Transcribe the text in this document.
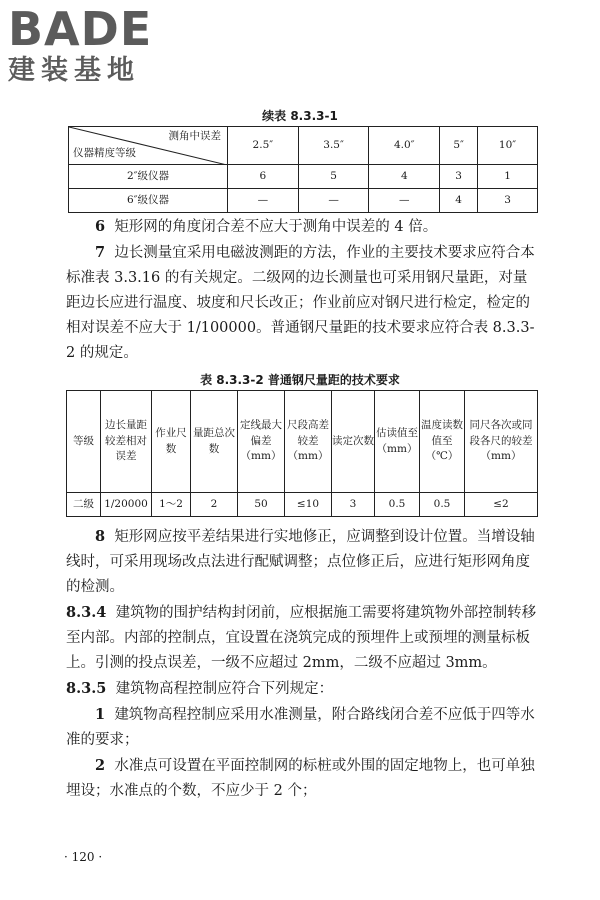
BADE
建装基地
续表 8.3.3-1
测角中误差
仪器精度等级	2.5″	3.5″	4.0″	5″	10″
2″级仪器	6	5	4	3	1
6″级仪器	—	—	—	4	3

6 矩形网的角度闭合差不应大于测角中误差的 4 倍。

7 边长测量宜采用电磁波测距的方法，作业的主要技术要求应符合本标准表 3.3.16 的有关规定。二级网的边长测量也可采用钢尺量距，对量距边长应进行温度、坡度和尺长改正；作业前应对钢尺进行检定，检定的相对误差不应大于 1/100000。普通钢尺量距的技术要求应符合表 8.3.3-2 的规定。

表 8.3.3-2 普通钢尺量距的技术要求
等级	边长量距较差相对误差	作业尺数	量距总次数	定线最大偏差（mm）	尺段高差较差（mm）	读定次数	估读值至（mm）	温度读数值至（℃）	同尺各次或同段各尺的较差（mm）
二级	1/20000	1～2	2	50	≤10	3	0.5	0.5	≤2

8 矩形网应按平差结果进行实地修正，应调整到设计位置。当增设轴线时，可采用现场改点法进行配赋调整；点位修正后，应进行矩形网角度的检测。

8.3.4 建筑物的围护结构封闭前，应根据施工需要将建筑物外部控制转移至内部。内部的控制点，宜设置在浇筑完成的预埋件上或预埋的测量标板上。引测的投点误差，一级不应超过 2mm，二级不应超过 3mm。

8.3.5 建筑物高程控制应符合下列规定：

1 建筑物高程控制应采用水准测量，附合路线闭合差不应低于四等水准的要求；

2 水准点可设置在平面控制网的标桩或外围的固定地物上，也可单独埋设；水准点的个数，不应少于 2 个；

· 120 ·
